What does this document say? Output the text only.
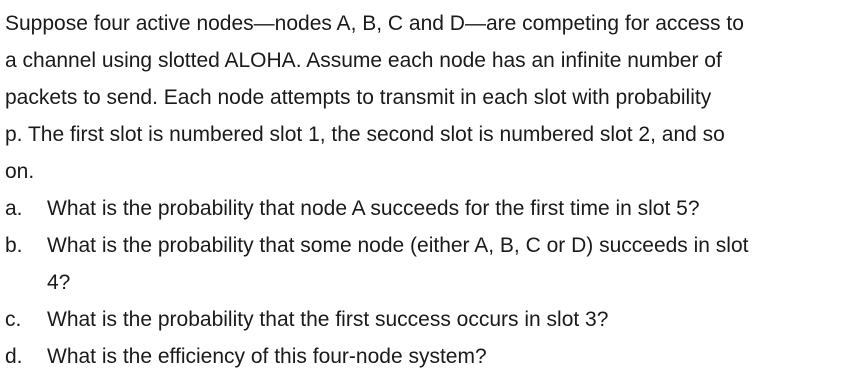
Suppose four active nodes—nodes A, B, C and D—are competing for access to
a channel using slotted ALOHA. Assume each node has an infinite number of
packets to send. Each node attempts to transmit in each slot with probability
p. The first slot is numbered slot 1, the second slot is numbered slot 2, and so
on.
a.	What is the probability that node A succeeds for the first time in slot 5?
b.	What is the probability that some node (either A, B, C or D) succeeds in slot
4?
c.	What is the probability that the first success occurs in slot 3?
d.	What is the efficiency of this four-node system?
